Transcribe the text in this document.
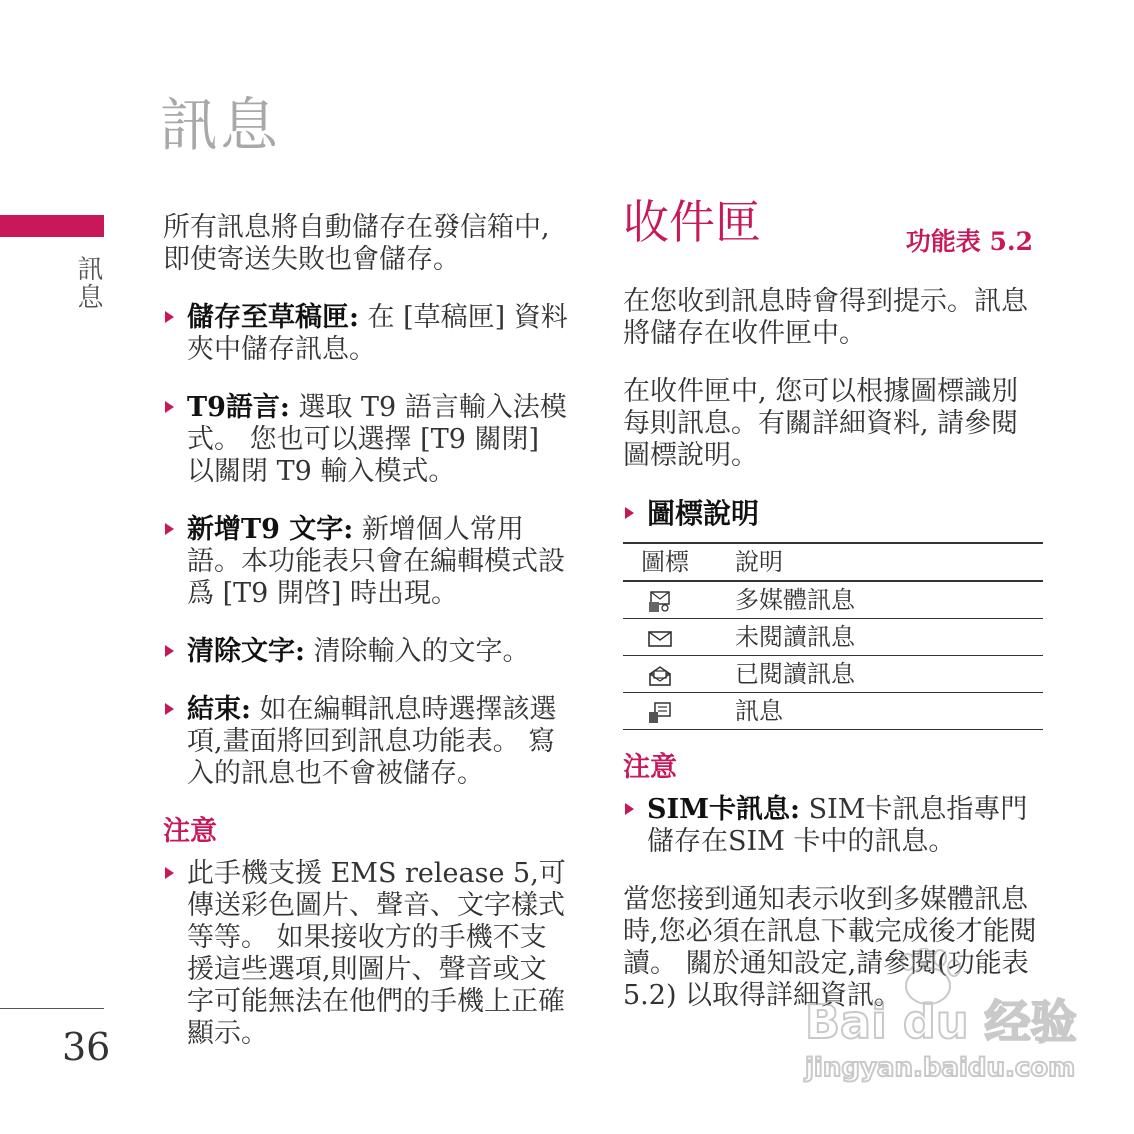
訊息
訊息
36

所有訊息將自動儲存在發信箱中,即使寄送失敗也會儲存。

儲存至草稿匣: 在 [草稿匣] 資料夾中儲存訊息。
T9語言: 選取 T9 語言輸入法模式。 您也可以選擇 [T9 關閉] 以關閉 T9 輸入模式。
新增T9 文字: 新增個人常用語。本功能表只會在編輯模式設爲 [T9 開啓] 時出現。
清除文字: 清除輸入的文字。
結束: 如在編輯訊息時選擇該選項,畫面將回到訊息功能表。 寫入的訊息也不會被儲存。
注意
此手機支援 EMS release 5,可傳送彩色圖片、聲音、文字樣式等等。 如果接收方的手機不支援這些選項,則圖片、聲音或文字可能無法在他們的手機上正確顯示。
收件匣	功能表 5.2

在您收到訊息時會得到提示。訊息將儲存在收件匣中。

在收件匣中, 您可以根據圖標識別每則訊息。有關詳細資料, 請參閱圖標說明。

圖標說明
圖標	說明
	多媒體訊息
	未閱讀訊息
	已閱讀訊息
	訊息
注意
SIM卡訊息: SIM卡訊息指專門儲存在SIM 卡中的訊息。

當您接到通知表示收到多媒體訊息時,您必須在訊息下載完成後才能閱讀。 關於通知設定,請參閱(功能表 5.2) 以取得詳細資訊。

Bai du 经验
jingyan.baidu.com
